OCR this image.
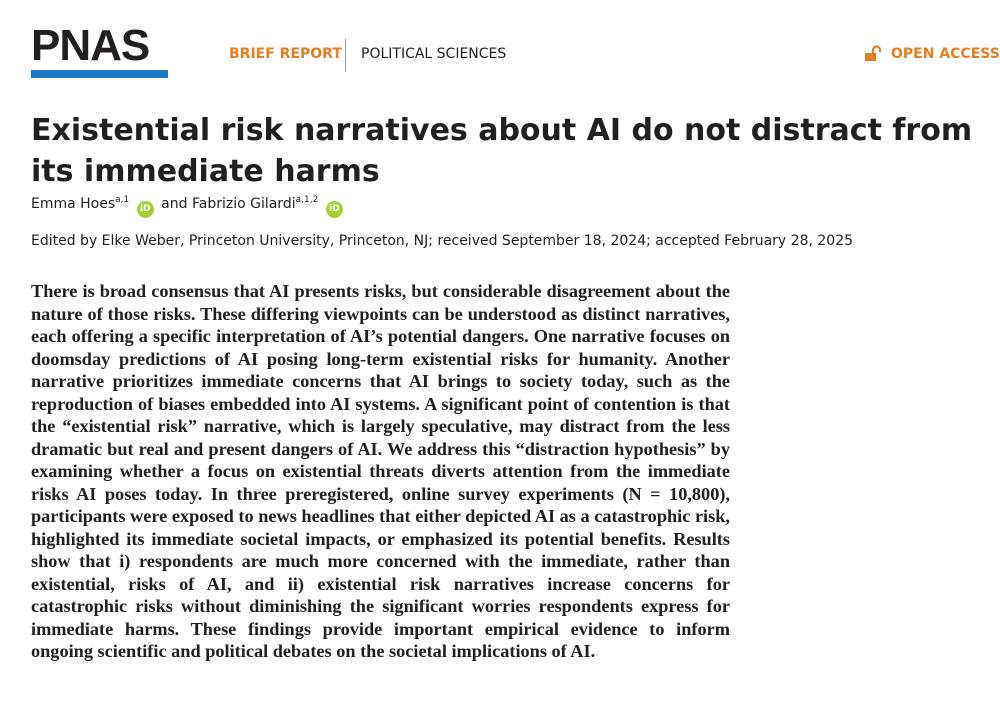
PNAS	BRIEF REPORT POLITICAL SCIENCES	OPEN ACCESS
Existential risk narratives about AI do not distract from its immediate harms
Emma Hoes$^{a,1}$ iD and Fabrizio Gilardi$^{a,1,2}$ iD
Edited by Elke Weber, Princeton University, Princeton, NJ; received September 18, 2024; accepted February 28, 2025

There is broad consensus that AI presents risks, but considerable disagreement about the nature of those risks. These differing viewpoints can be understood as distinct narratives, each offering a specific interpretation of AI’s potential dangers. One narrative focuses on doomsday predictions of AI posing long-term existential risks for humanity. Another narrative prioritizes immediate concerns that AI brings to society today, such as the reproduction of biases embedded into AI systems. A significant point of contention is that the “existential risk” narrative, which is largely speculative, may distract from the less dramatic but real and present dangers of AI. We address this “distraction hypothesis” by examining whether a focus on existential threats diverts attention from the immediate risks AI poses today. In three preregistered, online survey experiments (N = 10,800), participants were exposed to news headlines that either depicted AI as a catastrophic risk, highlighted its immediate societal impacts, or emphasized its potential benefits. Results show that i) respondents are much more concerned with the immediate, rather than existential, risks of AI, and ii) existential risk narratives increase concerns for catastrophic risks without diminishing the significant worries respondents express for immediate harms. These findings provide important empirical evidence to inform ongoing scientific and political debates on the societal implications of AI.
